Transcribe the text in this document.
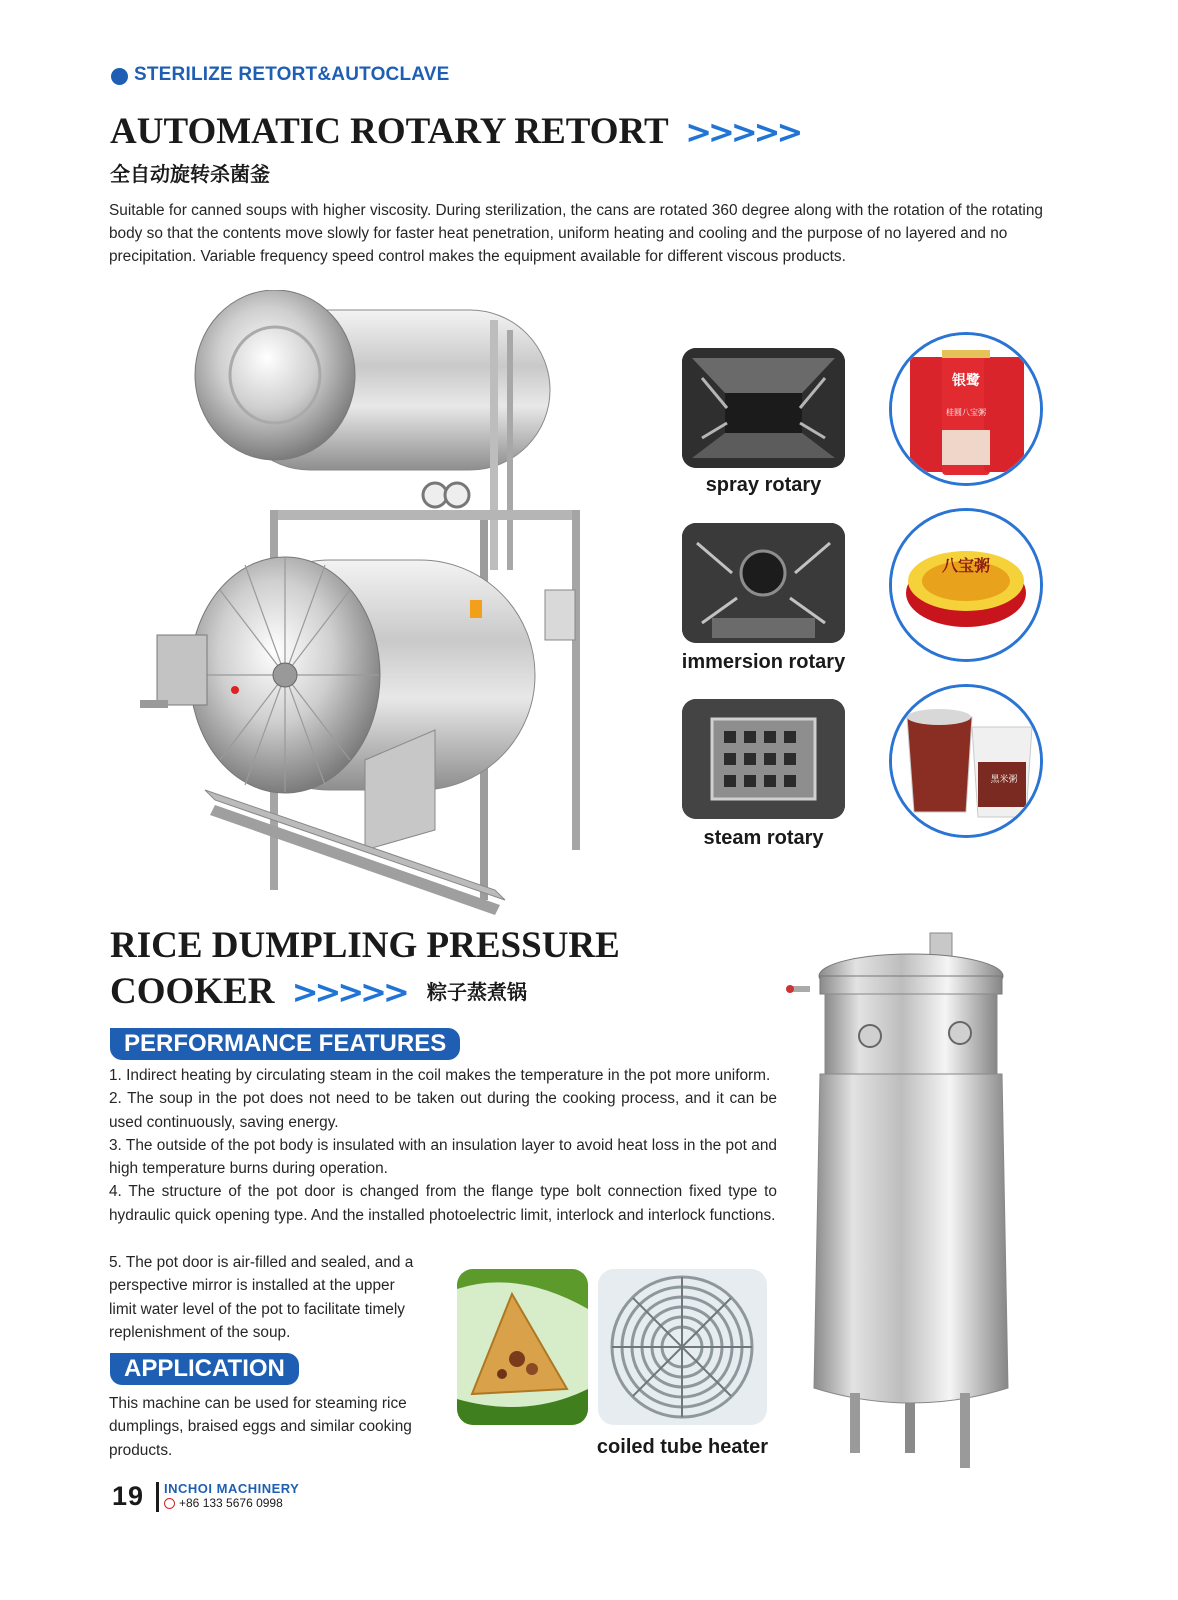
STERILIZE RETORT&AUTOCLAVE
AUTOMATIC ROTARY RETORT >>>>>
全自动旋转杀菌釜
Suitable for canned soups with higher viscosity. During sterilization, the cans are rotated 360 degree along with the rotation of the rotating body so that the contents move slowly for faster heat penetration, uniform heating and cooling and the purpose of no layered and no precipitation. Variable frequency speed control makes the equipment available for different viscous products.
spray rotary
immersion rotary
steam rotary
银鹭
桂圆八宝粥
八宝粥
黑米粥
RICE DUMPLING PRESSURE
COOKER >>>>> 粽子蒸煮锅
PERFORMANCE FEATURES

1. Indirect heating by circulating steam in the coil makes the temperature in the pot more uniform.

2. The soup in the pot does not need to be taken out during the cooking process, and it can be used continuously, saving energy.

3. The outside of the pot body is insulated with an insulation layer to avoid heat loss in the pot and high temperature burns during operation.

4. The structure of the pot door is changed from the flange type bolt connection fixed type to hydraulic quick opening type. And the installed photoelectric limit, interlock and interlock functions.

5. The pot door is air-filled and sealed, and a perspective mirror is installed at the upper limit water level of the pot to facilitate timely replenishment of the soup.
APPLICATION
This machine can be used for steaming rice dumplings, braised eggs and similar cooking products.	coiled tube heater
19 INCHOI MACHINERY
+86 133 5676 0998
